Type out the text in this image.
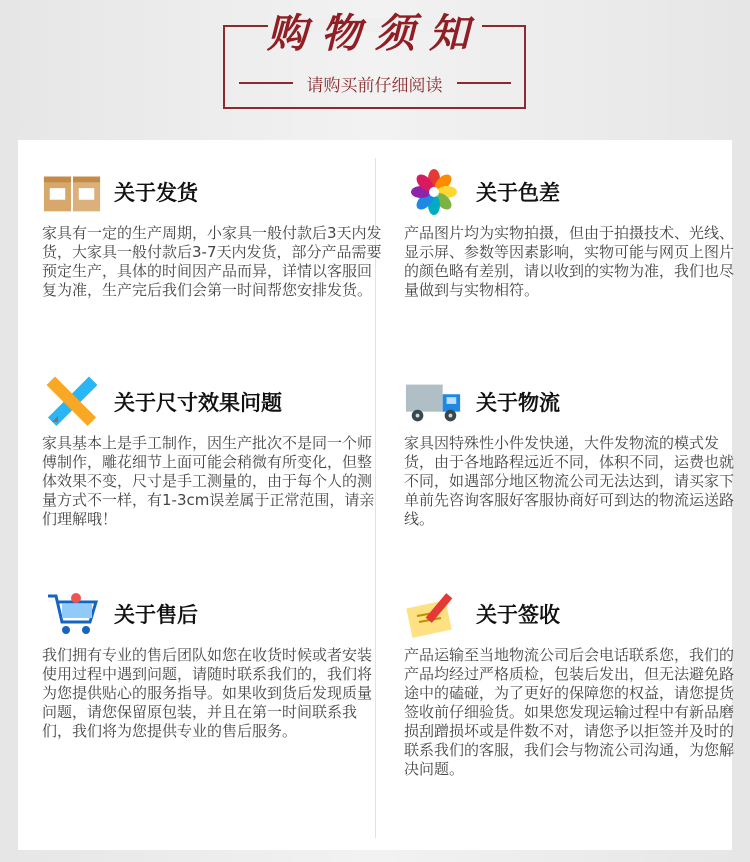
购物须知
请购买前仔细阅读
关于发货
家具有一定的生产周期，小家具一般付款后3天内发货，大家具一般付款后3-7天内发货，部分产品需要预定生产，具体的时间因产品而异，详情以客服回复为准，生产完后我们会第一时间帮您安排发货。
关于色差
产品图片均为实物拍摄，但由于拍摄技术、光线、显示屏、参数等因素影响，实物可能与网页上图片的颜色略有差别，请以收到的实物为准，我们也尽量做到与实物相符。
关于尺寸效果问题
家具基本上是手工制作，因生产批次不是同一个师傅制作，雕花细节上面可能会稍微有所变化，但整体效果不变，尺寸是手工测量的，由于每个人的测量方式不一样，有1-3cm误差属于正常范围，请亲们理解哦！
关于物流
家具因特殊性小件发快递，大件发物流的模式发货，由于各地路程远近不同，体积不同，运费也就不同，如遇部分地区物流公司无法达到，请买家下单前先咨询客服好客服协商好可到达的物流运送路线。
关于售后
我们拥有专业的售后团队如您在收货时候或者安装使用过程中遇到问题，请随时联系我们的，我们将为您提供贴心的服务指导。如果收到货后发现质量问题，请您保留原包装，并且在第一时间联系我们，我们将为您提供专业的售后服务。
关于签收
产品运输至当地物流公司后会电话联系您，我们的产品均经过严格质检，包装后发出，但无法避免路途中的磕碰，为了更好的保障您的权益，请您提货签收前仔细验货。如果您发现运输过程中有新品磨损刮蹭损坏或是件数不对，请您予以拒签并及时的联系我们的客服，我们会与物流公司沟通，为您解决问题。
